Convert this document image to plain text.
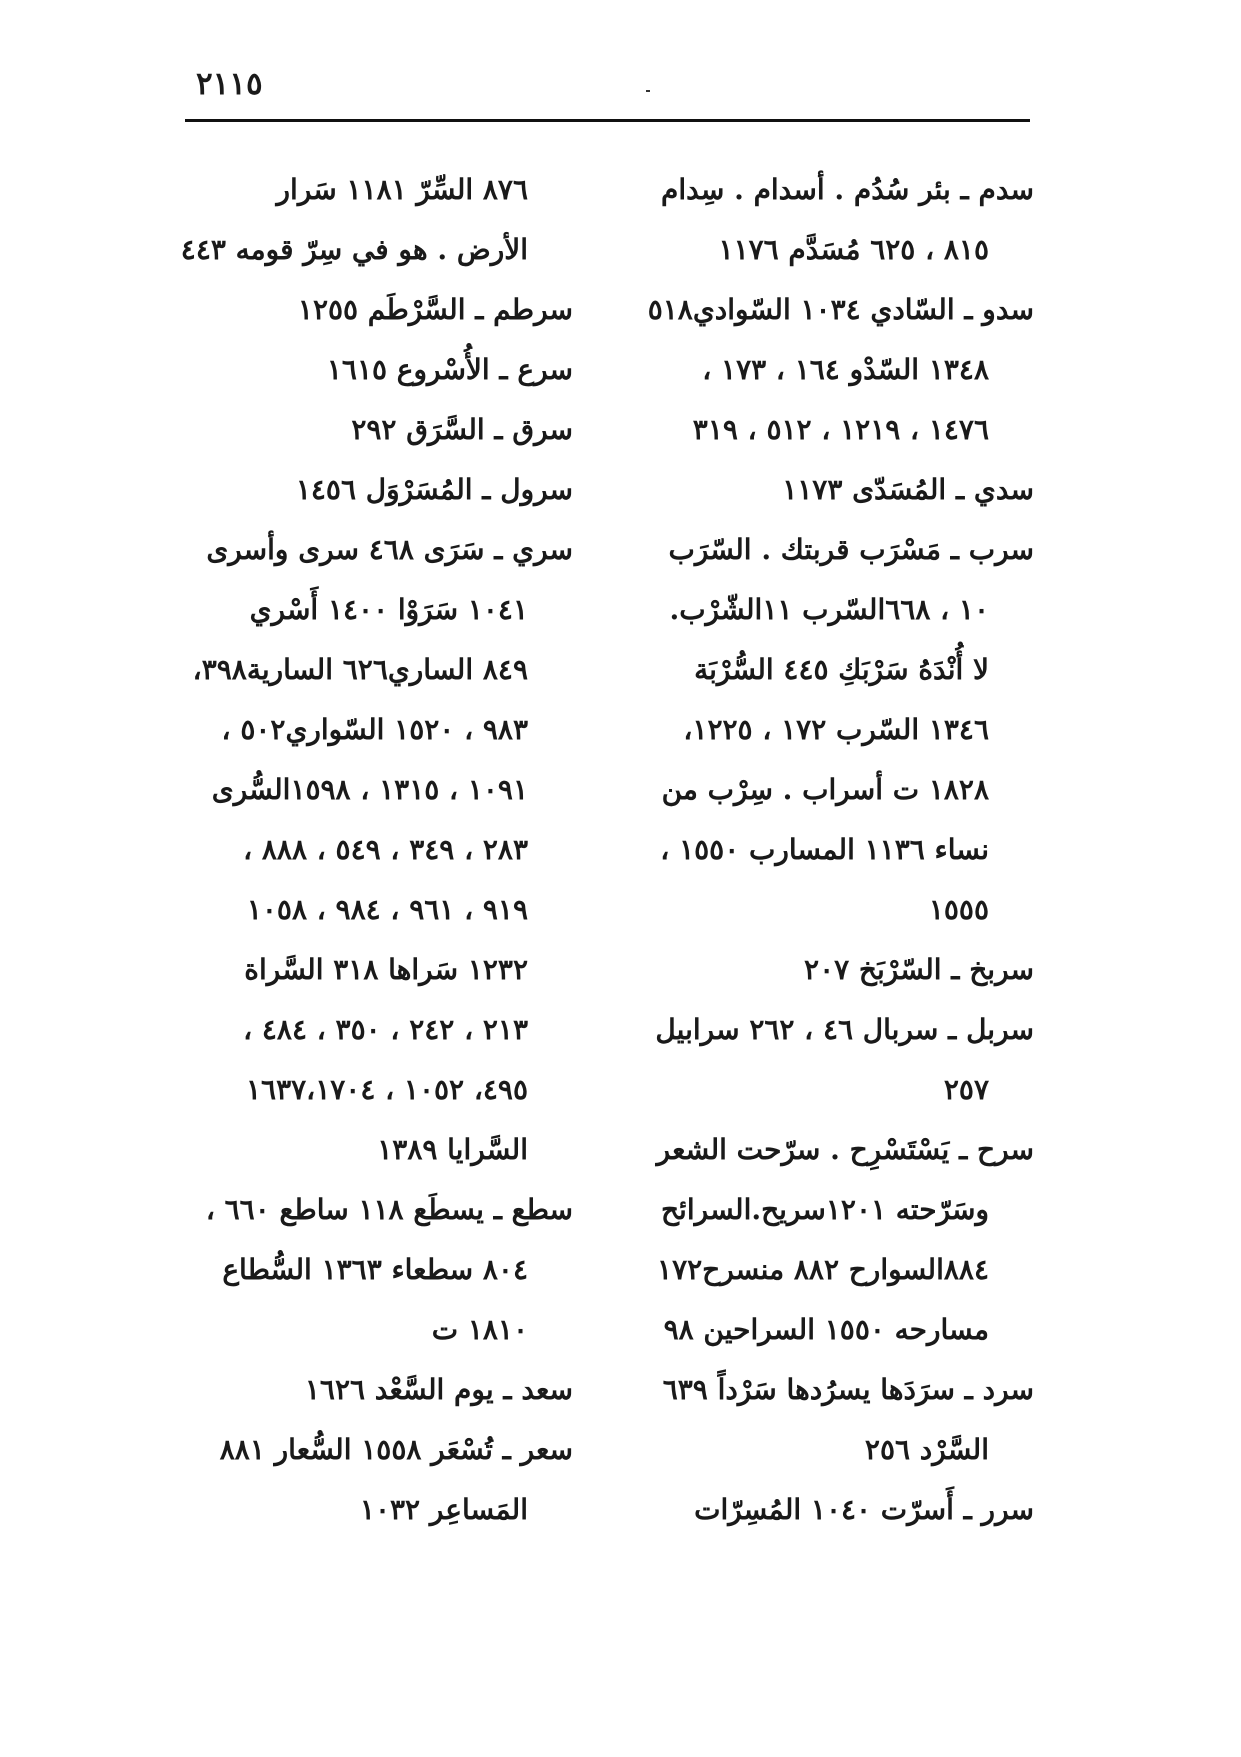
٢١١٥
سدم ـ بئر سُدُم . أسدام . سِدام
٨١٥ ، ٦٢٥ مُسَدَّم ١١٧٦
سدو ـ السّادي ١٠٣٤ السّوادي٥١٨
١٣٤٨ السّدْو ١٦٤ ، ١٧٣ ،
١٤٧٦ ، ١٢١٩ ، ٥١٢ ، ٣١٩
سدي ـ المُسَدّى ١١٧٣
سرب ـ مَسْرَب قربتك . السّرَب
١٠ ، ٦٦٨السّرب ١١الشّرْب.
لا أُنْدَهُ سَرْبَكِ ٤٤٥ السُّرْبَة
١٣٤٦ السّرب ١٧٢ ، ١٢٢٥،
١٨٢٨ ت أسراب . سِرْب من
نساء ١١٣٦ المسارب ١٥٥٠ ،
١٥٥٥
سربخ ـ السّرْبَخ ٢٠٧
سربل ـ سربال ٤٦ ، ٢٦٢ سرابيل
٢٥٧
سرح ـ يَسْتَسْرِح . سرّحت الشعر
وسَرّحته ١٢٠١سريح.السرائح
٨٨٤السوارح ٨٨٢ منسرح١٧٢
مسارحه ١٥٥٠ السراحين ٩٨
سرد ـ سرَدَها يسرُدها سَرْداً ٦٣٩
السَّرْد ٢٥٦
سرر ـ أَسرّت ١٠٤٠ المُسِرّات
٨٧٦ السِّرّ ١١٨١ سَرار
الأرض . هو في سِرّ قومه ٤٤٣
سرطم ـ السَّرْطَم ١٢٥٥
سرع ـ الأُسْروع ١٦١٥
سرق ـ السَّرَق ٢٩٢
سرول ـ المُسَرْوَل ١٤٥٦
سري ـ سَرَى ٤٦٨ سرى وأسرى
١٠٤١ سَرَوْا ١٤٠٠ أَسْري
٨٤٩ الساري٦٢٦ السارية٣٩٨،
٩٨٣ ، ١٥٢٠ السّواري٥٠٢ ،
١٠٩١ ، ١٣١٥ ، ١٥٩٨السُّرى
٢٨٣ ، ٣٤٩ ، ٥٤٩ ، ٨٨٨ ،
٩١٩ ، ٩٦١ ، ٩٨٤ ، ١٠٥٨
١٢٣٢ سَراها ٣١٨ السَّراة
٢١٣ ، ٢٤٢ ، ٣٥٠ ، ٤٨٤ ،
٤٩٥، ١٠٥٢ ، ١٦٣٧،١٧٠٤
السَّرايا ١٣٨٩
سطع ـ يسطَع ١١٨ ساطع ٦٦٠ ،
٨٠٤ سطعاء ١٣٦٣ السُّطاع
١٨١٠ ت
سعد ـ يوم السَّعْد ١٦٢٦
سعر ـ تُسْعَر ١٥٥٨ السُّعار ٨٨١
المَساعِر ١٠٣٢
